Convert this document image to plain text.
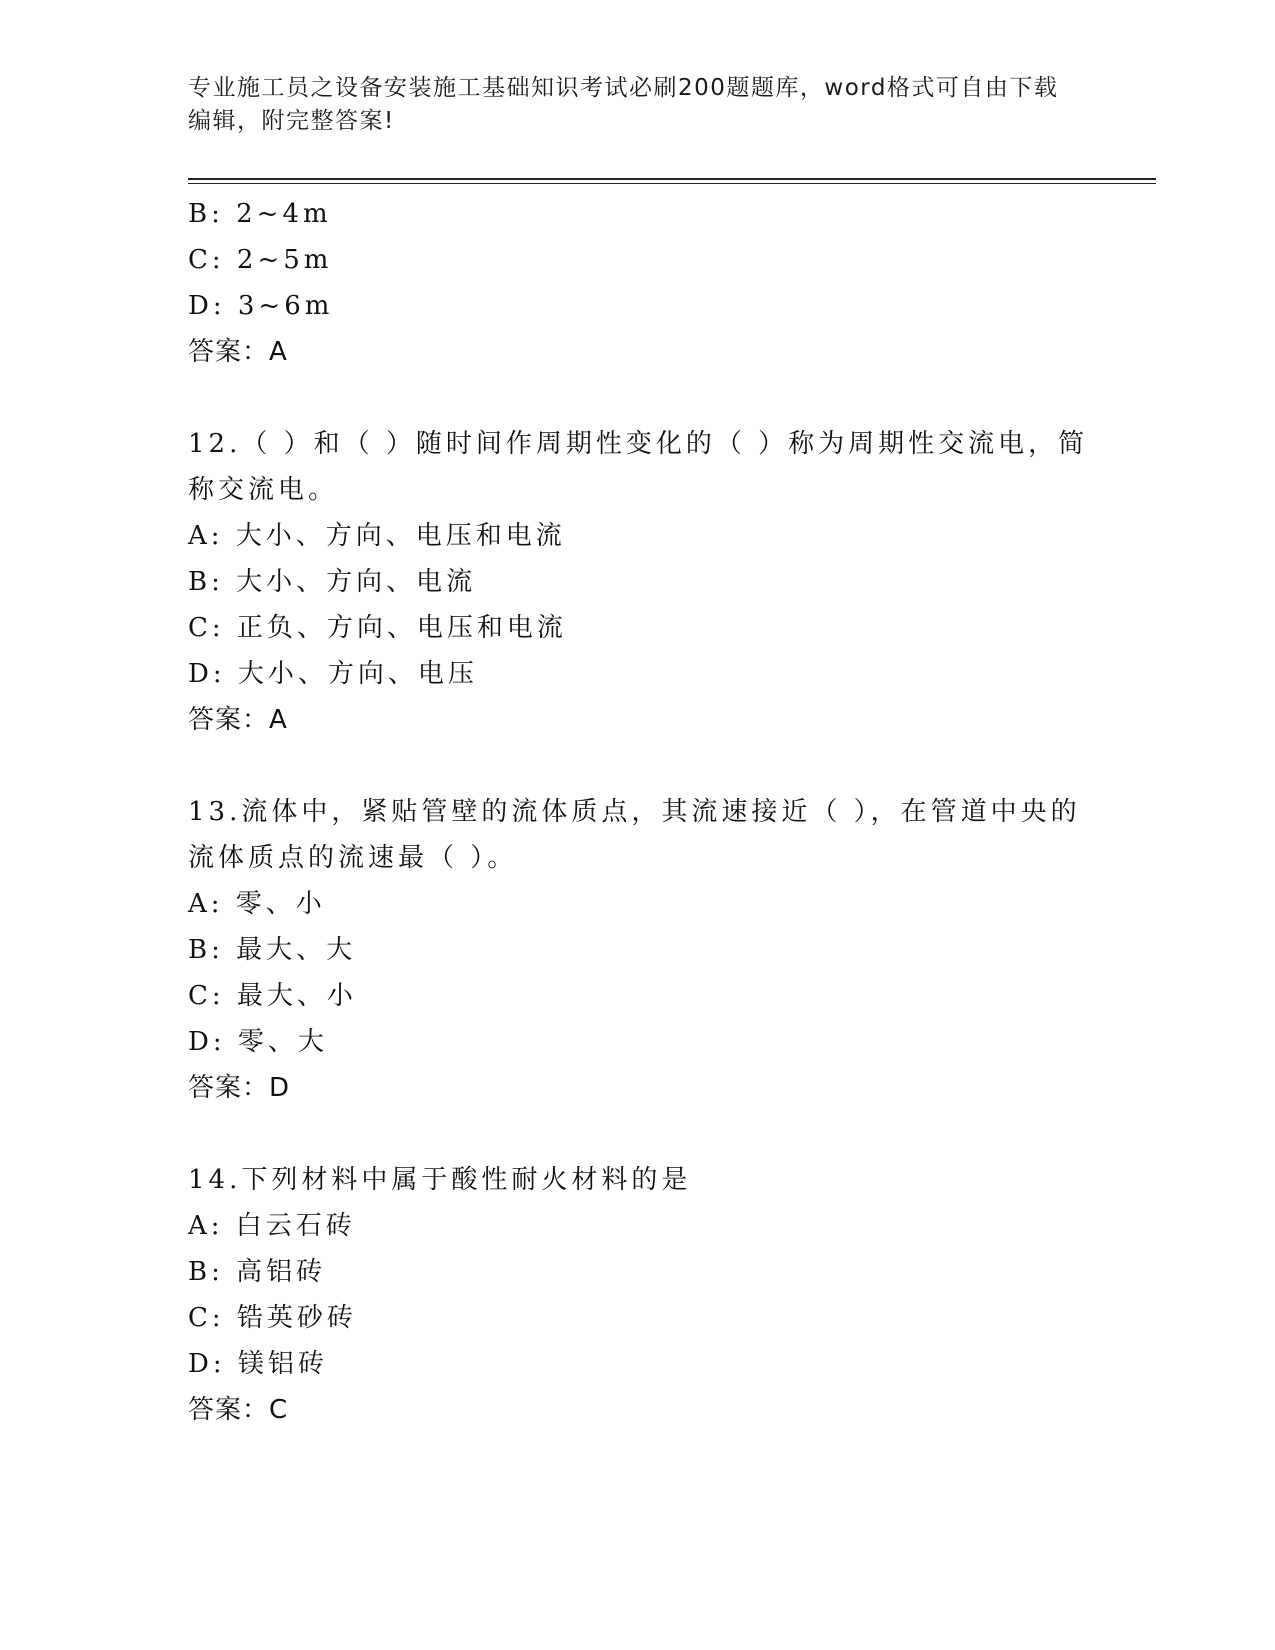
专业施工员之设备安装施工基础知识考试必刷200题题库，word格式可自由下载
编辑，附完整答案!
B: 2~4m
C: 2~5m
D: 3~6m
答案：A
12.（ ）和（ ）随时间作周期性变化的（ ）称为周期性交流电，简
称交流电。
A: 大小、方向、电压和电流
B: 大小、方向、电流
C: 正负、方向、电压和电流
D: 大小、方向、电压
答案：A
13.流体中，紧贴管壁的流体质点，其流速接近（ ），在管道中央的
流体质点的流速最（ ）。
A: 零、小
B: 最大、大
C: 最大、小
D: 零、大
答案：D
14.下列材料中属于酸性耐火材料的是
A: 白云石砖
B: 高铝砖
C: 锆英砂砖
D: 镁铝砖
答案：C
